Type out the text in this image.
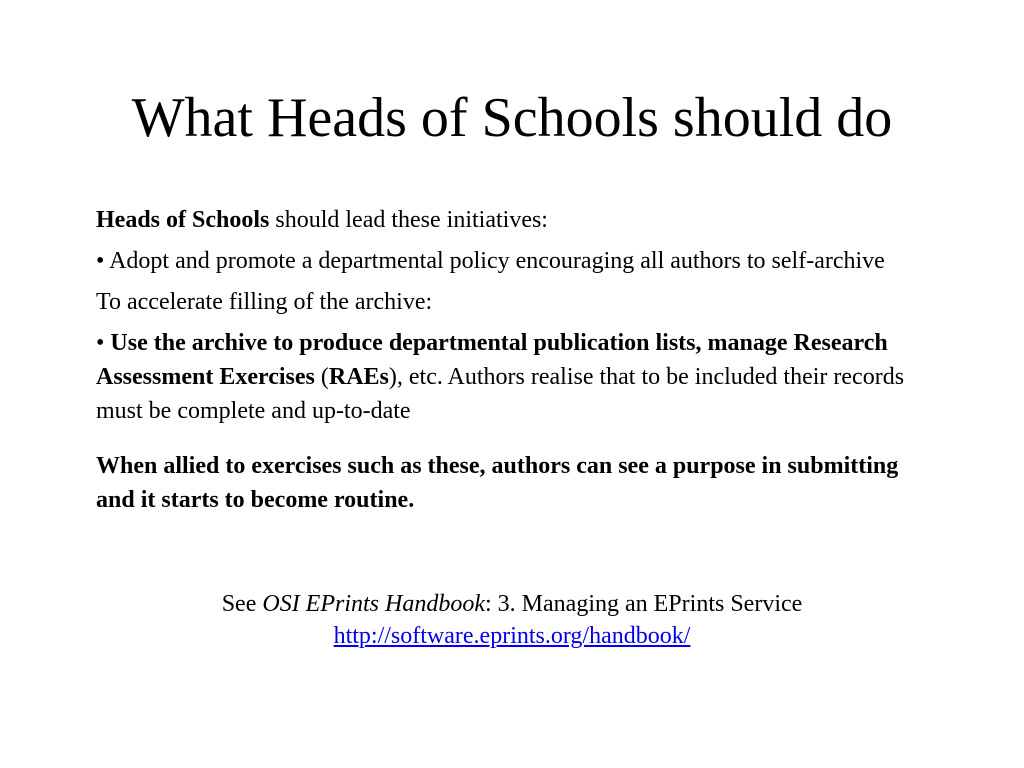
What Heads of Schools should do

Heads of Schools should lead these initiatives:

• Adopt and promote a departmental policy encouraging all authors to self-archive

To accelerate filling of the archive:

• Use the archive to produce departmental publication lists, manage Research Assessment Exercises (RAEs), etc. Authors realise that to be included their records must be complete and up-to-date

When allied to exercises such as these, authors can see a purpose in submitting and it starts to become routine.

See OSI EPrints Handbook: 3. Managing an EPrints Service
http://software.eprints.org/handbook/
